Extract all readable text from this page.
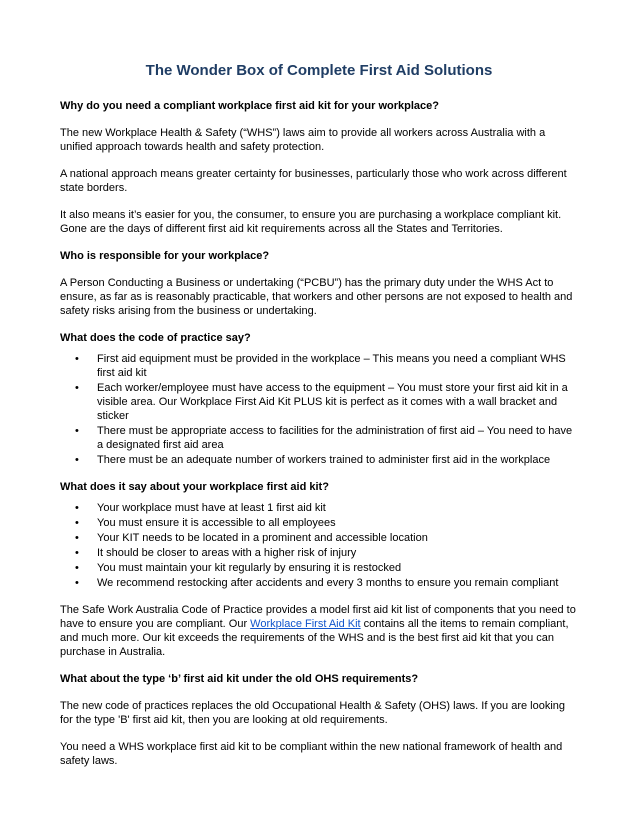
The Wonder Box of Complete First Aid Solutions
Why do you need a compliant workplace first aid kit for your workplace?

The new Workplace Health & Safety (“WHS”) laws aim to provide all workers across Australia with a unified approach towards health and safety protection.

A national approach means greater certainty for businesses, particularly those who work across different state borders.

It also means it’s easier for you, the consumer, to ensure you are purchasing a workplace compliant kit. Gone are the days of different first aid kit requirements across all the States and Territories.

Who is responsible for your workplace?

A Person Conducting a Business or undertaking (“PCBU”) has the primary duty under the WHS Act to ensure, as far as is reasonably practicable, that workers and other persons are not exposed to health and safety risks arising from the business or undertaking.

What does the code of practice say?
• First aid equipment must be provided in the workplace – This means you need a compliant WHS first aid kit
• Each worker/employee must have access to the equipment – You must store your first aid kit in a visible area. Our Workplace First Aid Kit PLUS kit is perfect as it comes with a wall bracket and sticker
• There must be appropriate access to facilities for the administration of first aid – You need to have a designated first aid area
• There must be an adequate number of workers trained to administer first aid in the workplace
What does it say about your workplace first aid kit?
• Your workplace must have at least 1 first aid kit
• You must ensure it is accessible to all employees
• Your KIT needs to be located in a prominent and accessible location
• It should be closer to areas with a higher risk of injury
• You must maintain your kit regularly by ensuring it is restocked
• We recommend restocking after accidents and every 3 months to ensure you remain compliant

The Safe Work Australia Code of Practice provides a model first aid kit list of components that you need to have to ensure you are compliant. Our Workplace First Aid Kit contains all the items to remain compliant, and much more. Our kit exceeds the requirements of the WHS and is the best first aid kit that you can purchase in Australia.

What about the type ‘b’ first aid kit under the old OHS requirements?

The new code of practices replaces the old Occupational Health & Safety (OHS) laws. If you are looking for the type 'B' first aid kit, then you are looking at old requirements.

You need a WHS workplace first aid kit to be compliant within the new national framework of health and safety laws.
